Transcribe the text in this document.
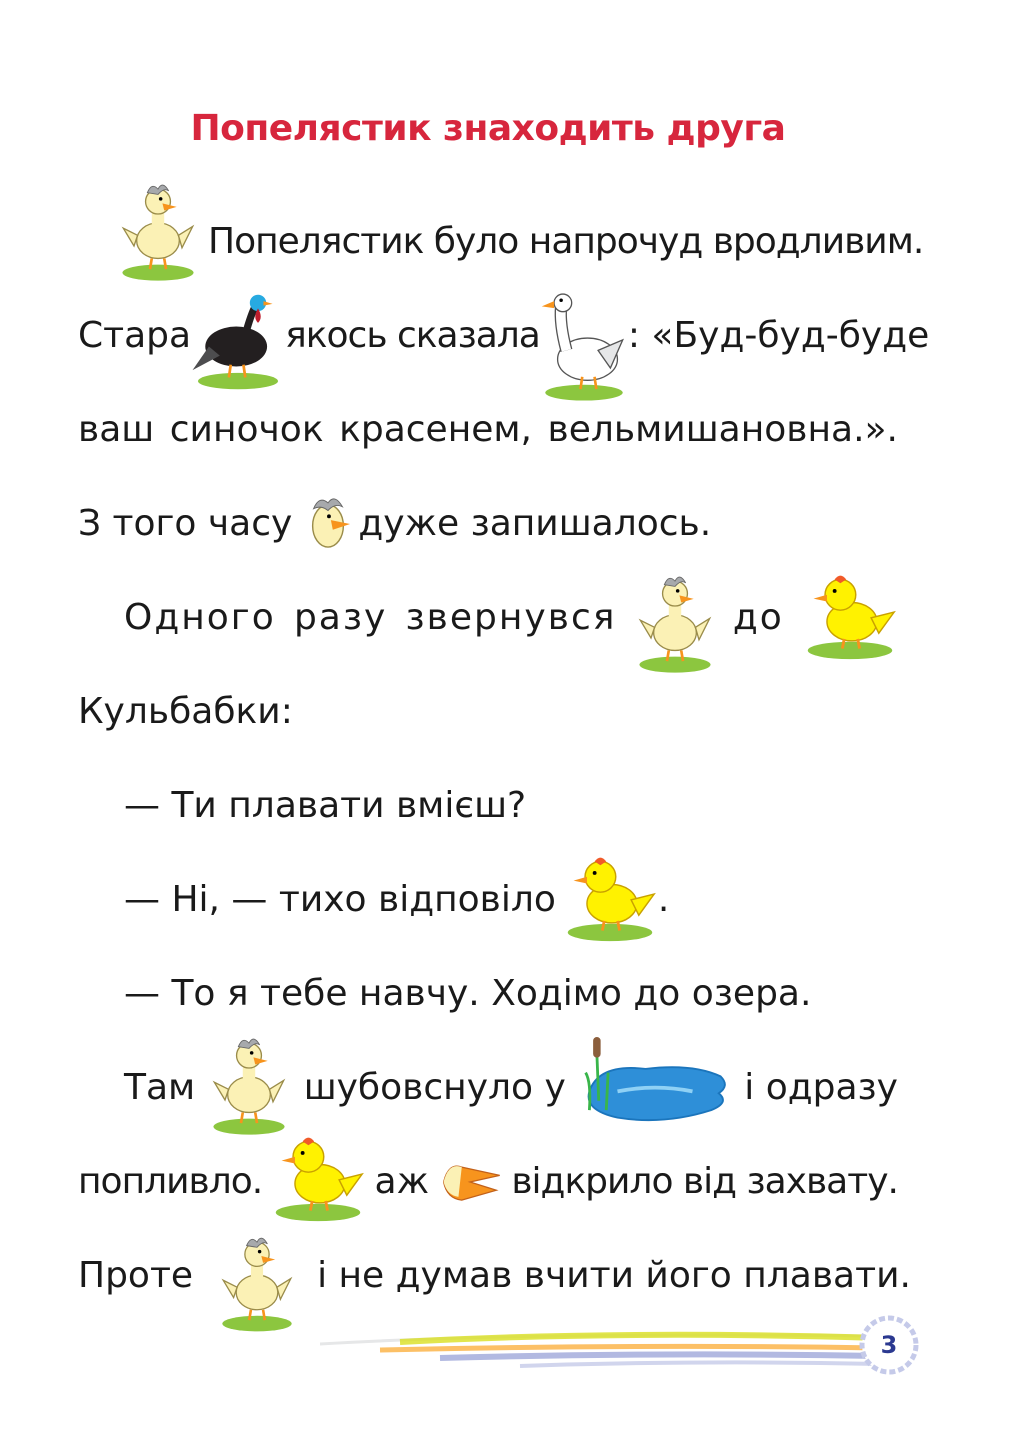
Попелястик знаходить друга
Попелястик було напрочуд вродливим.
Стара	якось сказала : «Буд-буд-буде
ваш синочок красенем, вельмишановна.».
З того часу дуже запишалось.
Одного разу звернувся	до
Кульбабки:
— Ти плавати вмієш?
— Ні, — тихо відповіло	.
— То я тебе навчу. Ходімо до озера.
Там	шубовснуло у	і одразу
попливло.	аж відкрило від захвату.
Проте	і не думав вчити його плавати.
3
